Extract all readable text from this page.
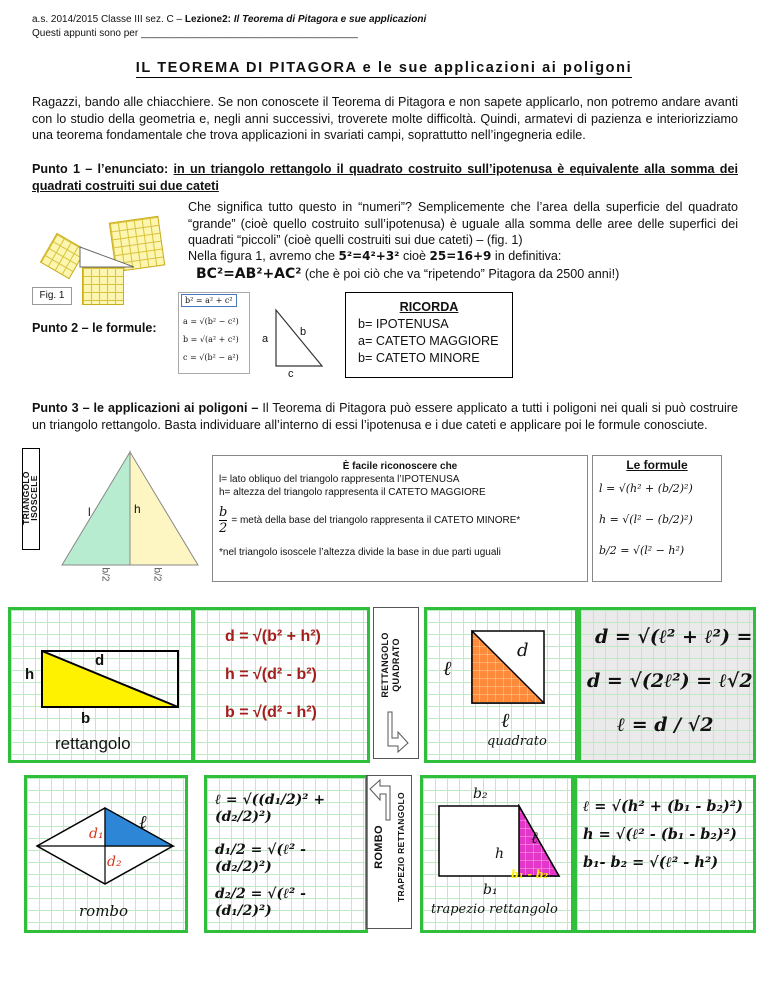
a.s. 2014/2015 Classe III sez. C – Lezione2: Il Teorema di Pitagora e sue applicazioni
Questi appunti sono per _______________________________________
IL TEOREMA DI PITAGORA e le sue applicazioni ai poligoni
Ragazzi, bando alle chiacchiere. Se non conoscete il Teorema di Pitagora e non sapete applicarlo, non potremo andare avanti con lo studio della geometria e, negli anni successivi, troverete molte difficoltà. Quindi, armatevi di pazienza e interiorizziamo una teorema fondamentale che trova applicazioni in svariati campi, soprattutto nell’ingegneria edile.
Punto 1 – l’enunciato: in un triangolo rettangolo il quadrato costruito sull’ipotenusa è equivalente alla somma dei quadrati costruiti sui due cateti
Fig. 1
Che significa tutto questo in “numeri”? Semplicemente che l’area della superficie del quadrato “grande” (cioè quello costruito sull’ipotenusa) è uguale alla somma delle aree delle superfici dei quadrati “piccoli” (cioè quelli costruiti sui due cateti) – (fig. 1)
Nella figura 1, avremo che 5²=4²+3² cioè 25=16+9 in definitiva:
BC²=AB²+AC² (che è poi ciò che va “ripetendo” Pitagora da 2500 anni!)
Punto 2 – le formule:
b² = a² + c²
a = √(b² − c²)
b = √(a² + c²)
c = √(b² − a²)
a
b
c
RICORDA
b= IPOTENUSA
a= CATETO MAGGIORE
b= CATETO MINORE
Punto 3 – le applicazioni ai poligoni – Il Teorema di Pitagora può essere applicato a tutti i poligoni nei quali si può costruire un triangolo rettangolo. Basta individuare all’interno di essi l’ipotenusa e i due cateti e applicare poi le formule conosciute.
TRIANGOLO ISOSCELE	l	h
b/2	b/2
È facile riconoscere che
l= lato obliquo del triangolo rappresenta l’IPOTENUSA
h= altezza del triangolo rappresenta il CATETO MAGGIORE
$\frac{b}{2}$ = metà della base del triangolo rappresenta il CATETO MINORE*
*nel triangolo isoscele l’altezza divide la base in due parti uguali
Le formule
l = √(h² + (b/2)²)
h = √(l² − (b/2)²)
b/2 = √(l² − h²)
h
d
b
rettangolo
d = √(b² + h²)
h = √(d² - b²)
b = √(d² - h²)
RETTANGOLO QUADRATO	ℓ
d
ℓ
quadrato
d = √(ℓ² + ℓ²) =
d = √(2ℓ²) = ℓ√2
ℓ = d / √2
ℓ
d₁
d₂
rombo
ℓ = √((d₁/2)² + (d₂/2)²)
d₁/2 = √(ℓ² - (d₂/2)²)
d₂/2 = √(ℓ² - (d₁/2)²)
ROMBO TRAPEZIO RETTANGOLO	b₂
ℓ
h
b₁ - b₂
b₁
trapezio rettangolo
ℓ = √(h² + (b₁ - b₂)²)
h = √(ℓ² - (b₁ - b₂)²)
b₁- b₂ = √(ℓ² - h²)
